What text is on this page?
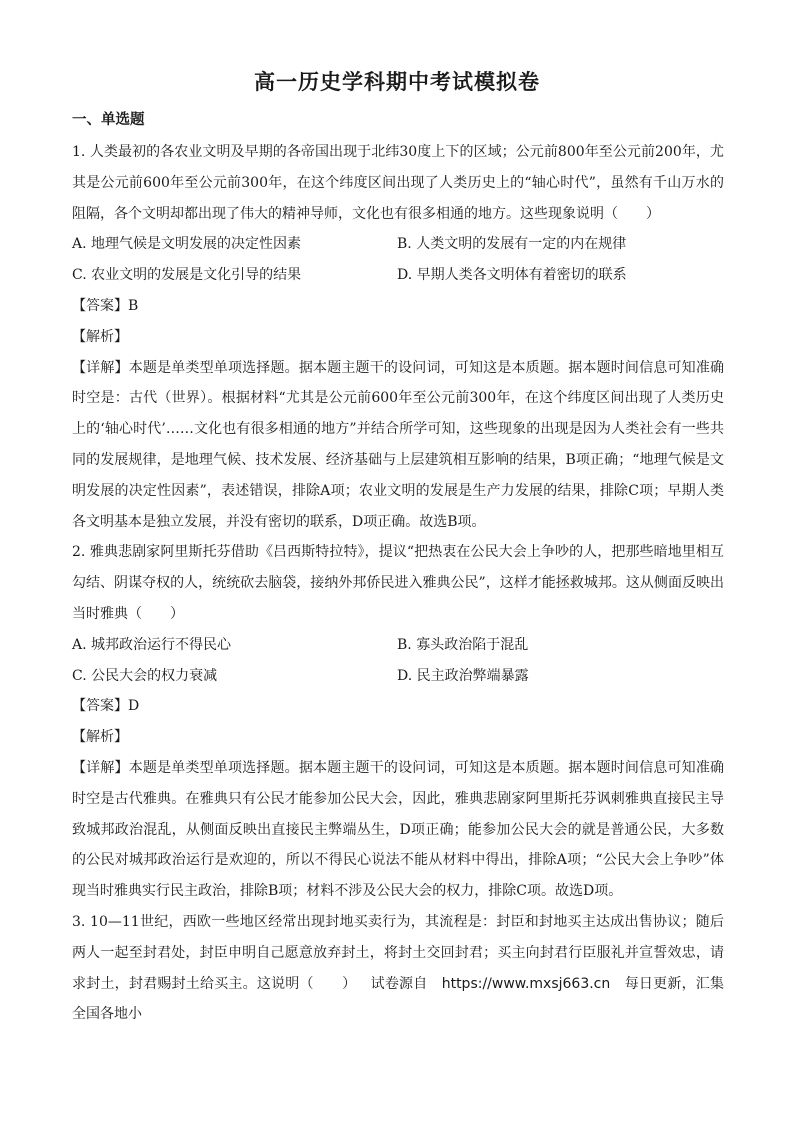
高一历史学科期中考试模拟卷
一、单选题

1. 人类最初的各农业文明及早期的各帝国出现于北纬30度上下的区域；公元前800年至公元前200年，尤其是公元前600年至公元前300年，在这个纬度区间出现了人类历史上的“轴心时代”，虽然有千山万水的阻隔，各个文明却都出现了伟大的精神导师，文化也有很多相通的地方。这些现象说明（　　）

A. 地理气候是文明发展的决定性因素	B. 人类文明的发展有一定的内在规律
C. 农业文明的发展是文化引导的结果	D. 早期人类各文明体有着密切的联系

【答案】B

【解析】

【详解】本题是单类型单项选择题。据本题主题干的设问词，可知这是本质题。据本题时间信息可知准确时空是：古代（世界）。根据材料“尤其是公元前600年至公元前300年，在这个纬度区间出现了人类历史上的‘轴心时代’……文化也有很多相通的地方”并结合所学可知，这些现象的出现是因为人类社会有一些共同的发展规律，是地理气候、技术发展、经济基础与上层建筑相互影响的结果，B项正确；“地理气候是文明发展的决定性因素”，表述错误，排除A项；农业文明的发展是生产力发展的结果，排除C项；早期人类各文明基本是独立发展，并没有密切的联系，D项正确。故选B项。

2. 雅典悲剧家阿里斯托芬借助《吕西斯特拉特》，提议“把热衷在公民大会上争吵的人，把那些暗地里相互勾结、阴谋夺权的人，统统砍去脑袋，接纳外邦侨民进入雅典公民”，这样才能拯救城邦。这从侧面反映出当时雅典（　　）

A. 城邦政治运行不得民心	B. 寡头政治陷于混乱
C. 公民大会的权力衰减	D. 民主政治弊端暴露

【答案】D

【解析】

【详解】本题是单类型单项选择题。据本题主题干的设问词，可知这是本质题。据本题时间信息可知准确时空是古代雅典。在雅典只有公民才能参加公民大会，因此，雅典悲剧家阿里斯托芬讽刺雅典直接民主导致城邦政治混乱，从侧面反映出直接民主弊端丛生，D项正确；能参加公民大会的就是普通公民，大多数的公民对城邦政治运行是欢迎的，所以不得民心说法不能从材料中得出，排除A项；“公民大会上争吵”体现当时雅典实行民主政治，排除B项；材料不涉及公民大会的权力，排除C项。故选D项。

3. 10—11世纪，西欧一些地区经常出现封地买卖行为，其流程是：封臣和封地买主达成出售协议；随后两人一起至封君处，封臣申明自己愿意放弃封土，将封土交回封君；买主向封君行臣服礼并宣誓效忠，请求封土，封君赐封土给买主。这说明（　　）  试卷源自　https://www.mxsj663.cn　每日更新，汇集全国各地小
